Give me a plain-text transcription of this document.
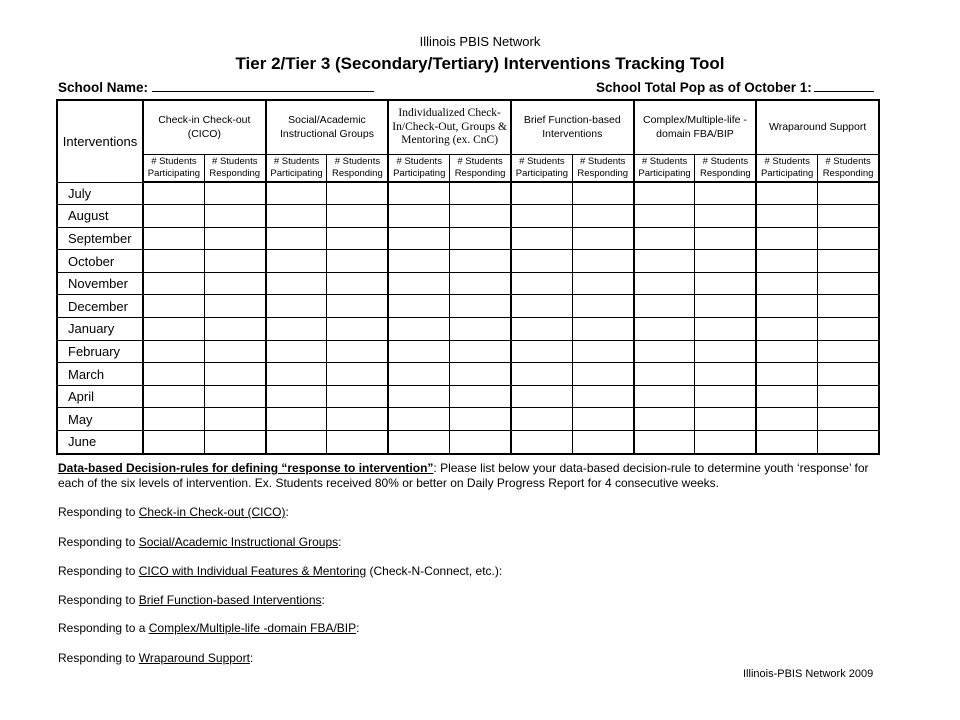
Illinois PBIS Network
Tier 2/Tier 3 (Secondary/Tertiary) Interventions Tracking Tool
School Name:	School Total Pop as of October 1:
Interventions	Check-in Check-out (CICO)		Social/Academic Instructional Groups		Individualized Check-In/Check-Out, Groups & Mentoring (ex. CnC)		Brief Function-based Interventions		Complex/Multiple-life - domain FBA/BIP		Wraparound Support	
	# Students Participating	# Students Responding	# Students Participating	# Students Responding	# Students Participating	# Students Responding	# Students Participating	# Students Responding	# Students Participating	# Students Responding	# Students Participating	# Students Responding
July												
August												
September												
October												
November												
December												
January												
February												
March												
April												
May												
June												
Data-based Decision-rules for defining “response to intervention”: Please list below your data-based decision-rule to determine youth ‘response’ for each of the six levels of intervention. Ex. Students received 80% or better on Daily Progress Report for 4 consecutive weeks.
Responding to Check-in Check-out (CICO):
Responding to Social/Academic Instructional Groups:
Responding to CICO with Individual Features & Mentoring (Check-N-Connect, etc.):
Responding to Brief Function-based Interventions:
Responding to a Complex/Multiple-life -domain FBA/BIP:
Responding to Wraparound Support:
Illinois-PBIS Network 2009
